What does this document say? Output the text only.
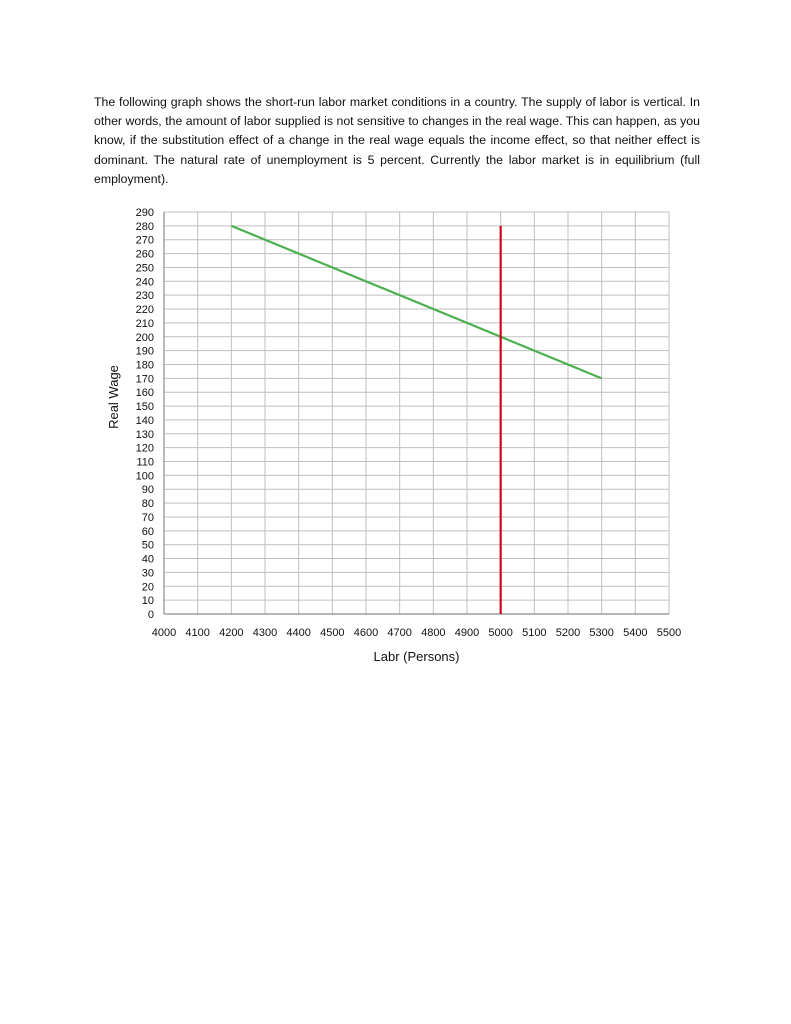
The following graph shows the short-run labor market conditions in a country. The supply of labor is vertical. In other words, the amount of labor supplied is not sensitive to changes in the real wage. This can happen, as you know, if the substitution effect of a change in the real wage equals the income effect, so that neither effect is dominant. The natural rate of unemployment is 5 percent. Currently the labor market is in equilibrium (full employment).

0
10
20
30
40
50
60
70
80
90
100
110
120
130
140
150
160
170
180
190
200
210
220
230
240
250
260
270
280
290
4000 4100 4200 4300 4400 4500 4600 4700 4800 4900 5000 5100 5200 5300 5400 5500
Real Wage
Labr (Persons)
